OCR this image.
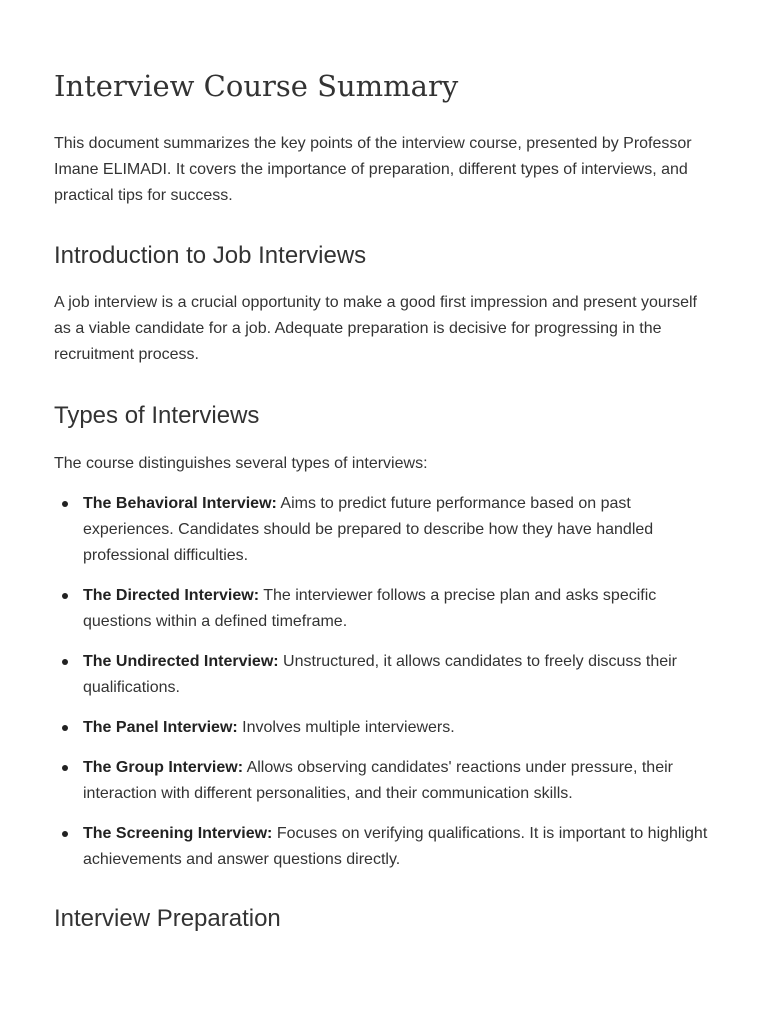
Interview Course Summary

This document summarizes the key points of the interview course, presented by Professor Imane ELIMADI. It covers the importance of preparation, different types of interviews, and practical tips for success.

Introduction to Job Interviews

A job interview is a crucial opportunity to make a good first impression and present yourself as a viable candidate for a job. Adequate preparation is decisive for progressing in the recruitment process.

Types of Interviews

The course distinguishes several types of interviews:

The Behavioral Interview: Aims to predict future performance based on past experiences. Candidates should be prepared to describe how they have handled professional difficulties.
The Directed Interview: The interviewer follows a precise plan and asks specific questions within a defined timeframe.
The Undirected Interview: Unstructured, it allows candidates to freely discuss their qualifications.
The Panel Interview: Involves multiple interviewers.
The Group Interview: Allows observing candidates' reactions under pressure, their interaction with different personalities, and their communication skills.
The Screening Interview: Focuses on verifying qualifications. It is important to highlight achievements and answer questions directly.
Interview Preparation
